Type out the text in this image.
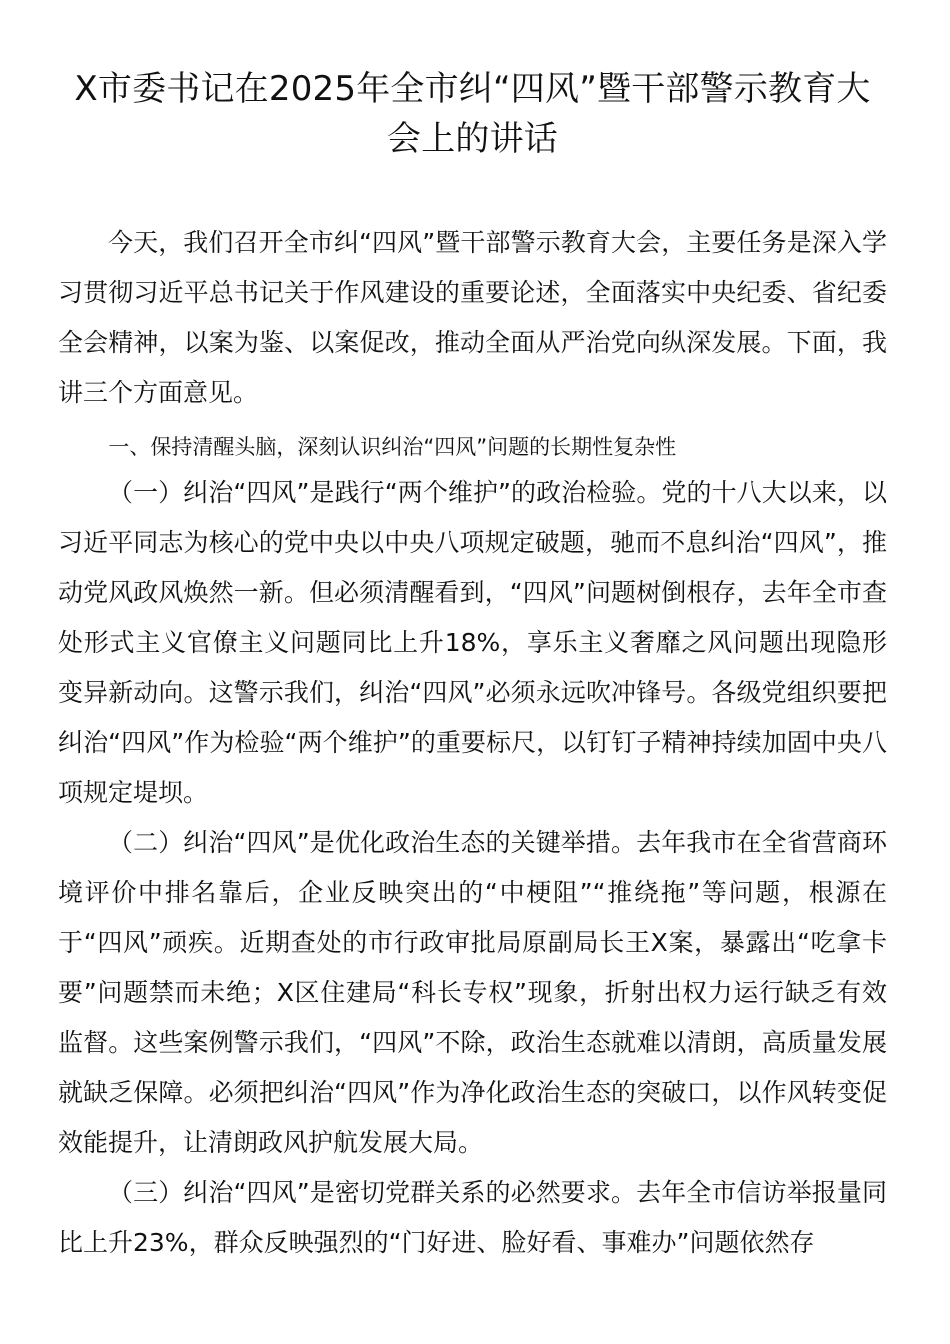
X市委书记在2025年全市纠“四风”暨干部警示教育大会上的讲话

今天，我们召开全市纠“四风”暨干部警示教育大会，主要任务是深入学习贯彻习近平总书记关于作风建设的重要论述，全面落实中央纪委、省纪委全会精神，以案为鉴、以案促改，推动全面从严治党向纵深发展。下面，我讲三个方面意见。

一、保持清醒头脑，深刻认识纠治“四风”问题的长期性复杂性

（一）纠治“四风”是践行“两个维护”的政治检验。党的十八大以来，以习近平同志为核心的党中央以中央八项规定破题，驰而不息纠治“四风”，推动党风政风焕然一新。但必须清醒看到，“四风”问题树倒根存，去年全市查处形式主义官僚主义问题同比上升18%，享乐主义奢靡之风问题出现隐形变异新动向。这警示我们，纠治“四风”必须永远吹冲锋号。各级党组织要把纠治“四风”作为检验“两个维护”的重要标尺，以钉钉子精神持续加固中央八项规定堤坝。

（二）纠治“四风”是优化政治生态的关键举措。去年我市在全省营商环境评价中排名靠后，企业反映突出的“中梗阻”“推绕拖”等问题，根源在于“四风”顽疾。近期查处的市行政审批局原副局长王X案，暴露出“吃拿卡要”问题禁而未绝；X区住建局“科长专权”现象，折射出权力运行缺乏有效监督。这些案例警示我们，“四风”不除，政治生态就难以清朗，高质量发展就缺乏保障。必须把纠治“四风”作为净化政治生态的突破口，以作风转变促效能提升，让清朗政风护航发展大局。

（三）纠治“四风”是密切党群关系的必然要求。去年全市信访举报量同比上升23%，群众反映强烈的“门好进、脸好看、事难办”问题依然存
